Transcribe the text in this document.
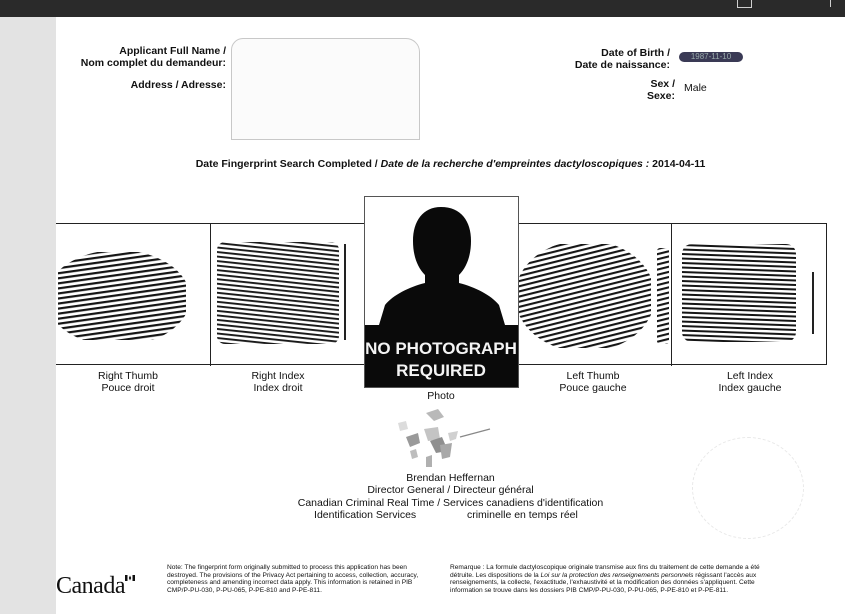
Applicant Full Name /
Nom complet du demandeur:
Address / Adresse:
Date of Birth /
Date de naissance:
1987-11-10
Sex /
Sexe:
Male
Date Fingerprint Search Completed / Date de la recherche d'empreintes dactyloscopiques : 2014-04-11
NO PHOTOGRAPH
REQUIRED
Right Thumb
Pouce droit
Right Index
Index droit
Photo
Left Thumb
Pouce gauche
Left Index
Index gauche
Brendan Heffernan
Director General / Directeur général
Canadian Criminal Real Time / Services canadiens d'identification
Identification Services	criminelle en temps réel
Canada
Note: The fingerprint form originally submitted to process this application has been destroyed. The provisions of the Privacy Act pertaining to access, collection, accuracy, completeness and amending incorrect data apply. This information is retained in PIB CMP/P-PU-030, P-PU-065, P-PE-810 and P-PE-811.
Remarque : La formule dactyloscopique originale transmise aux fins du traitement de cette demande a été détruite. Les dispositions de la Loi sur la protection des renseignements personnels régissant l'accès aux renseignements, la collecte, l'exactitude, l'exhaustivité et la modification des données s'appliquent. Cette information se trouve dans les dossiers PIB CMP/P-PU-030, P-PU-065, P-PE-810 et P-PE-811.
